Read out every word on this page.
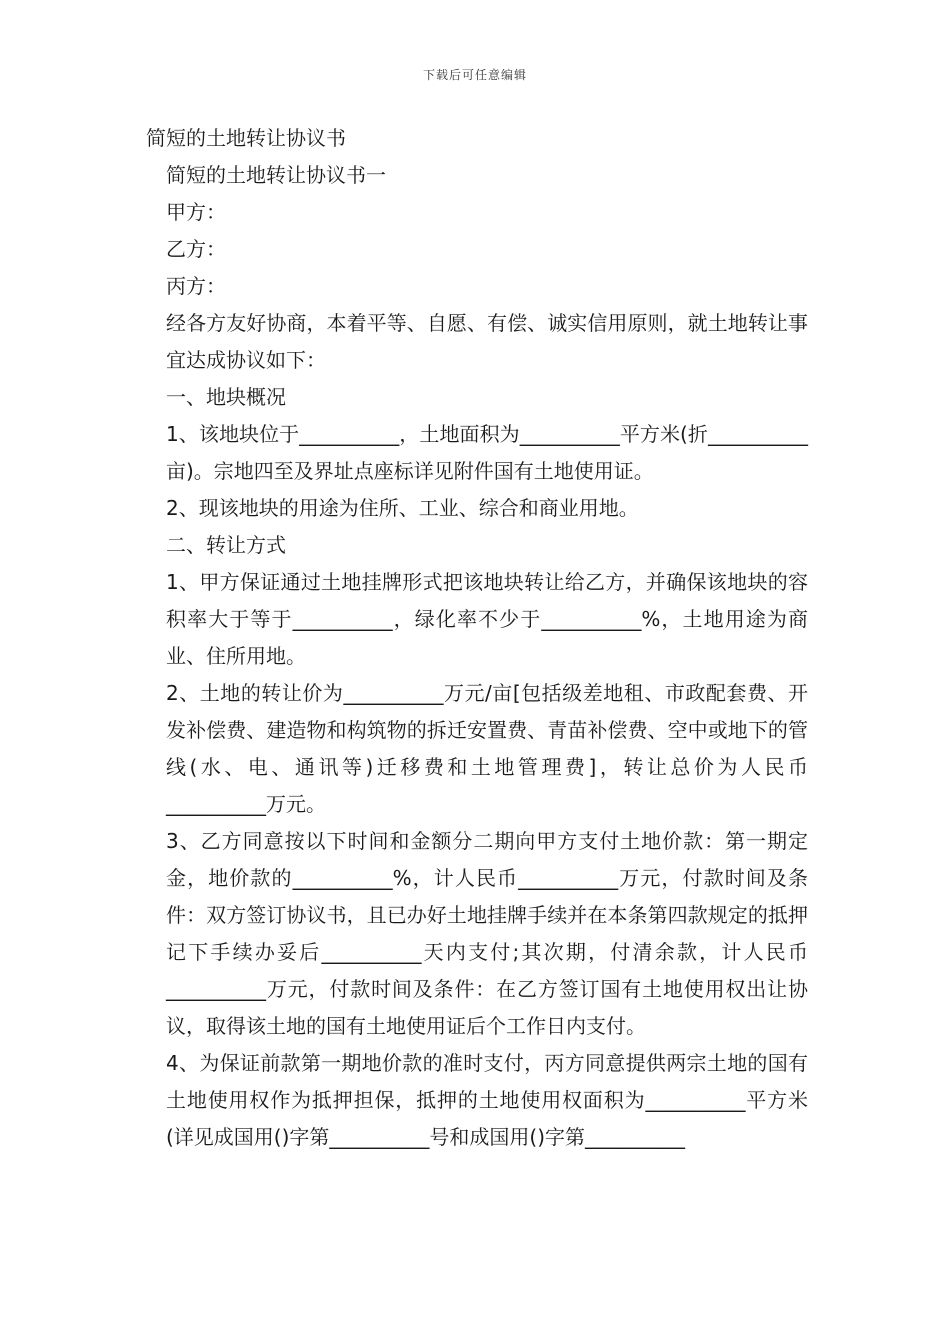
下载后可任意编辑
简短的土地转让协议书

简短的土地转让协议书一

甲方：

乙方：

丙方：

经各方友好协商，本着平等、自愿、有偿、诚实信用原则，就土地转让事宜达成协议如下：

一、地块概况

1、该地块位于__________，土地面积为__________平方米(折__________亩)。宗地四至及界址点座标详见附件国有土地使用证。

2、现该地块的用途为住所、工业、综合和商业用地。

二、转让方式

1、甲方保证通过土地挂牌形式把该地块转让给乙方，并确保该地块的容积率大于等于__________，绿化率不少于__________%，土地用途为商业、住所用地。

2、土地的转让价为__________万元/亩[包括级差地租、市政配套费、开发补偿费、建造物和构筑物的拆迁安置费、青苗补偿费、空中或地下的管线(水、电、通讯等)迁移费和土地管理费]，转让总价为人民币__________万元。

3、乙方同意按以下时间和金额分二期向甲方支付土地价款：第一期定金，地价款的__________%，计人民币__________万元，付款时间及条件：双方签订协议书，且已办好土地挂牌手续并在本条第四款规定的抵押记下手续办妥后__________天内支付;其次期，付清余款，计人民币__________万元，付款时间及条件：在乙方签订国有土地使用权出让协议，取得该土地的国有土地使用证后个工作日内支付。

4、为保证前款第一期地价款的准时支付，丙方同意提供两宗土地的国有土地使用权作为抵押担保，抵押的土地使用权面积为__________平方米(详见成国用()字第__________号和成国用()字第__________
